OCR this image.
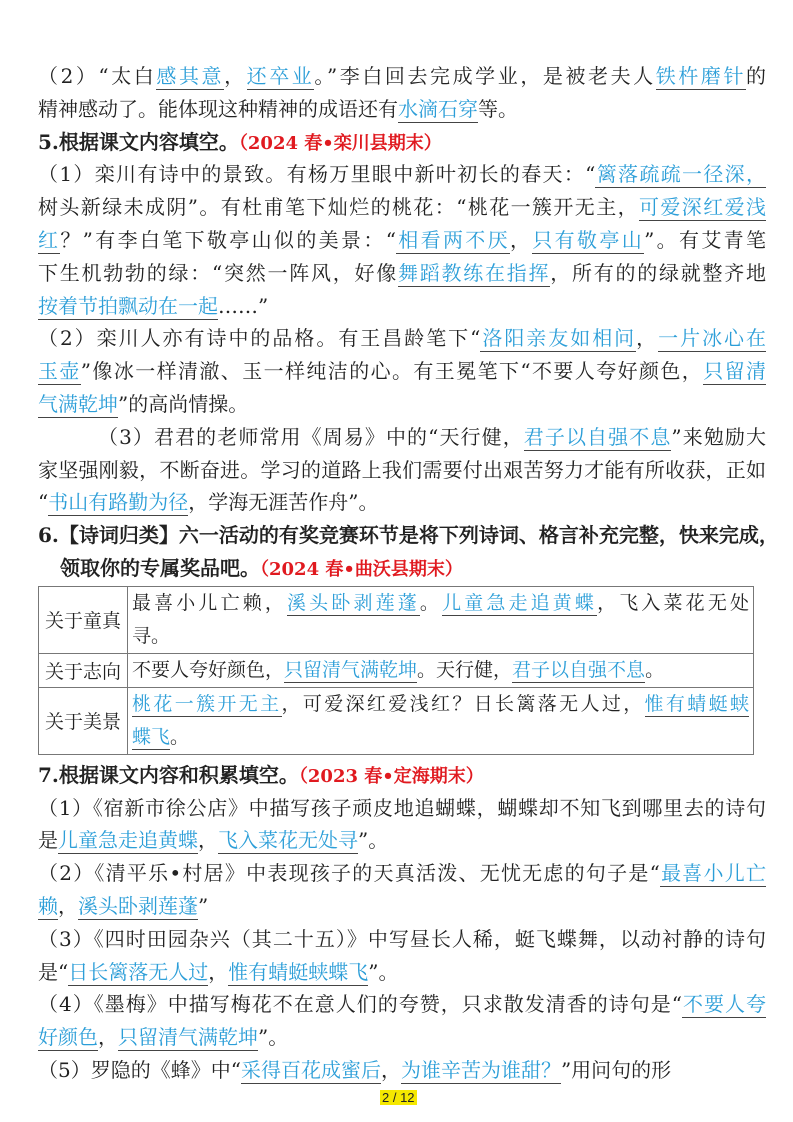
（2）“太白感其意，还卒业。”李白回去完成学业，是被老夫人铁杵磨针的
精神感动了。能体现这种精神的成语还有水滴石穿等。
5.根据课文内容填空。（2024 春•栾川县期末）
（1）栾川有诗中的景致。有杨万里眼中新叶初长的春天：“篱落疏疏一径深，
树头新绿未成阴”。有杜甫笔下灿烂的桃花：“桃花一簇开无主，可爱深红爱浅
红？”有李白笔下敬亭山似的美景：“相看两不厌，只有敬亭山”。有艾青笔
下生机勃勃的绿：“突然一阵风，好像舞蹈教练在指挥，所有的的绿就整齐地
按着节拍飘动在一起……”
（2）栾川人亦有诗中的品格。有王昌龄笔下“洛阳亲友如相问，一片冰心在
玉壶”像冰一样清澈、玉一样纯洁的心。有王冕笔下“不要人夸好颜色，只留清
气满乾坤”的高尚情操。
（3）君君的老师常用《周易》中的“天行健，君子以自强不息”来勉励大
家坚强刚毅，不断奋进。学习的道路上我们需要付出艰苦努力才能有所收获，正如
“书山有路勤为径，学海无涯苦作舟”。
6.【诗词归类】六一活动的有奖竞赛环节是将下列诗词、格言补充完整，快来完成，
领取你的专属奖品吧。（2024 春•曲沃县期末）
关于童真	最喜小儿亡赖，溪头卧剥莲蓬。儿童急走追黄蝶，飞入菜花无处
寻。

关于志向	不要人夸好颜色，只留清气满乾坤。天行健，君子以自强不息。

关于美景	桃花一簇开无主，可爱深红爱浅红？日长篱落无人过，惟有蜻蜓蛱
蝶飞。
7.根据课文内容和积累填空。（2023 春•定海期末）
（1）《宿新市徐公店》中描写孩子顽皮地追蝴蝶，蝴蝶却不知飞到哪里去的诗句
是儿童急走追黄蝶，飞入菜花无处寻”。
（2）《清平乐•村居》中表现孩子的天真活泼、无忧无虑的句子是“最喜小儿亡
赖，溪头卧剥莲蓬”
（3）《四时田园杂兴（其二十五）》中写昼长人稀，蜓飞蝶舞，以动衬静的诗句
是“日长篱落无人过，惟有蜻蜓蛱蝶飞”。
（4）《墨梅》中描写梅花不在意人们的夸赞，只求散发清香的诗句是“不要人夸
好颜色，只留清气满乾坤”。
（5）罗隐的《蜂》中“采得百花成蜜后，为谁辛苦为谁甜？”用问句的形
2 / 12
